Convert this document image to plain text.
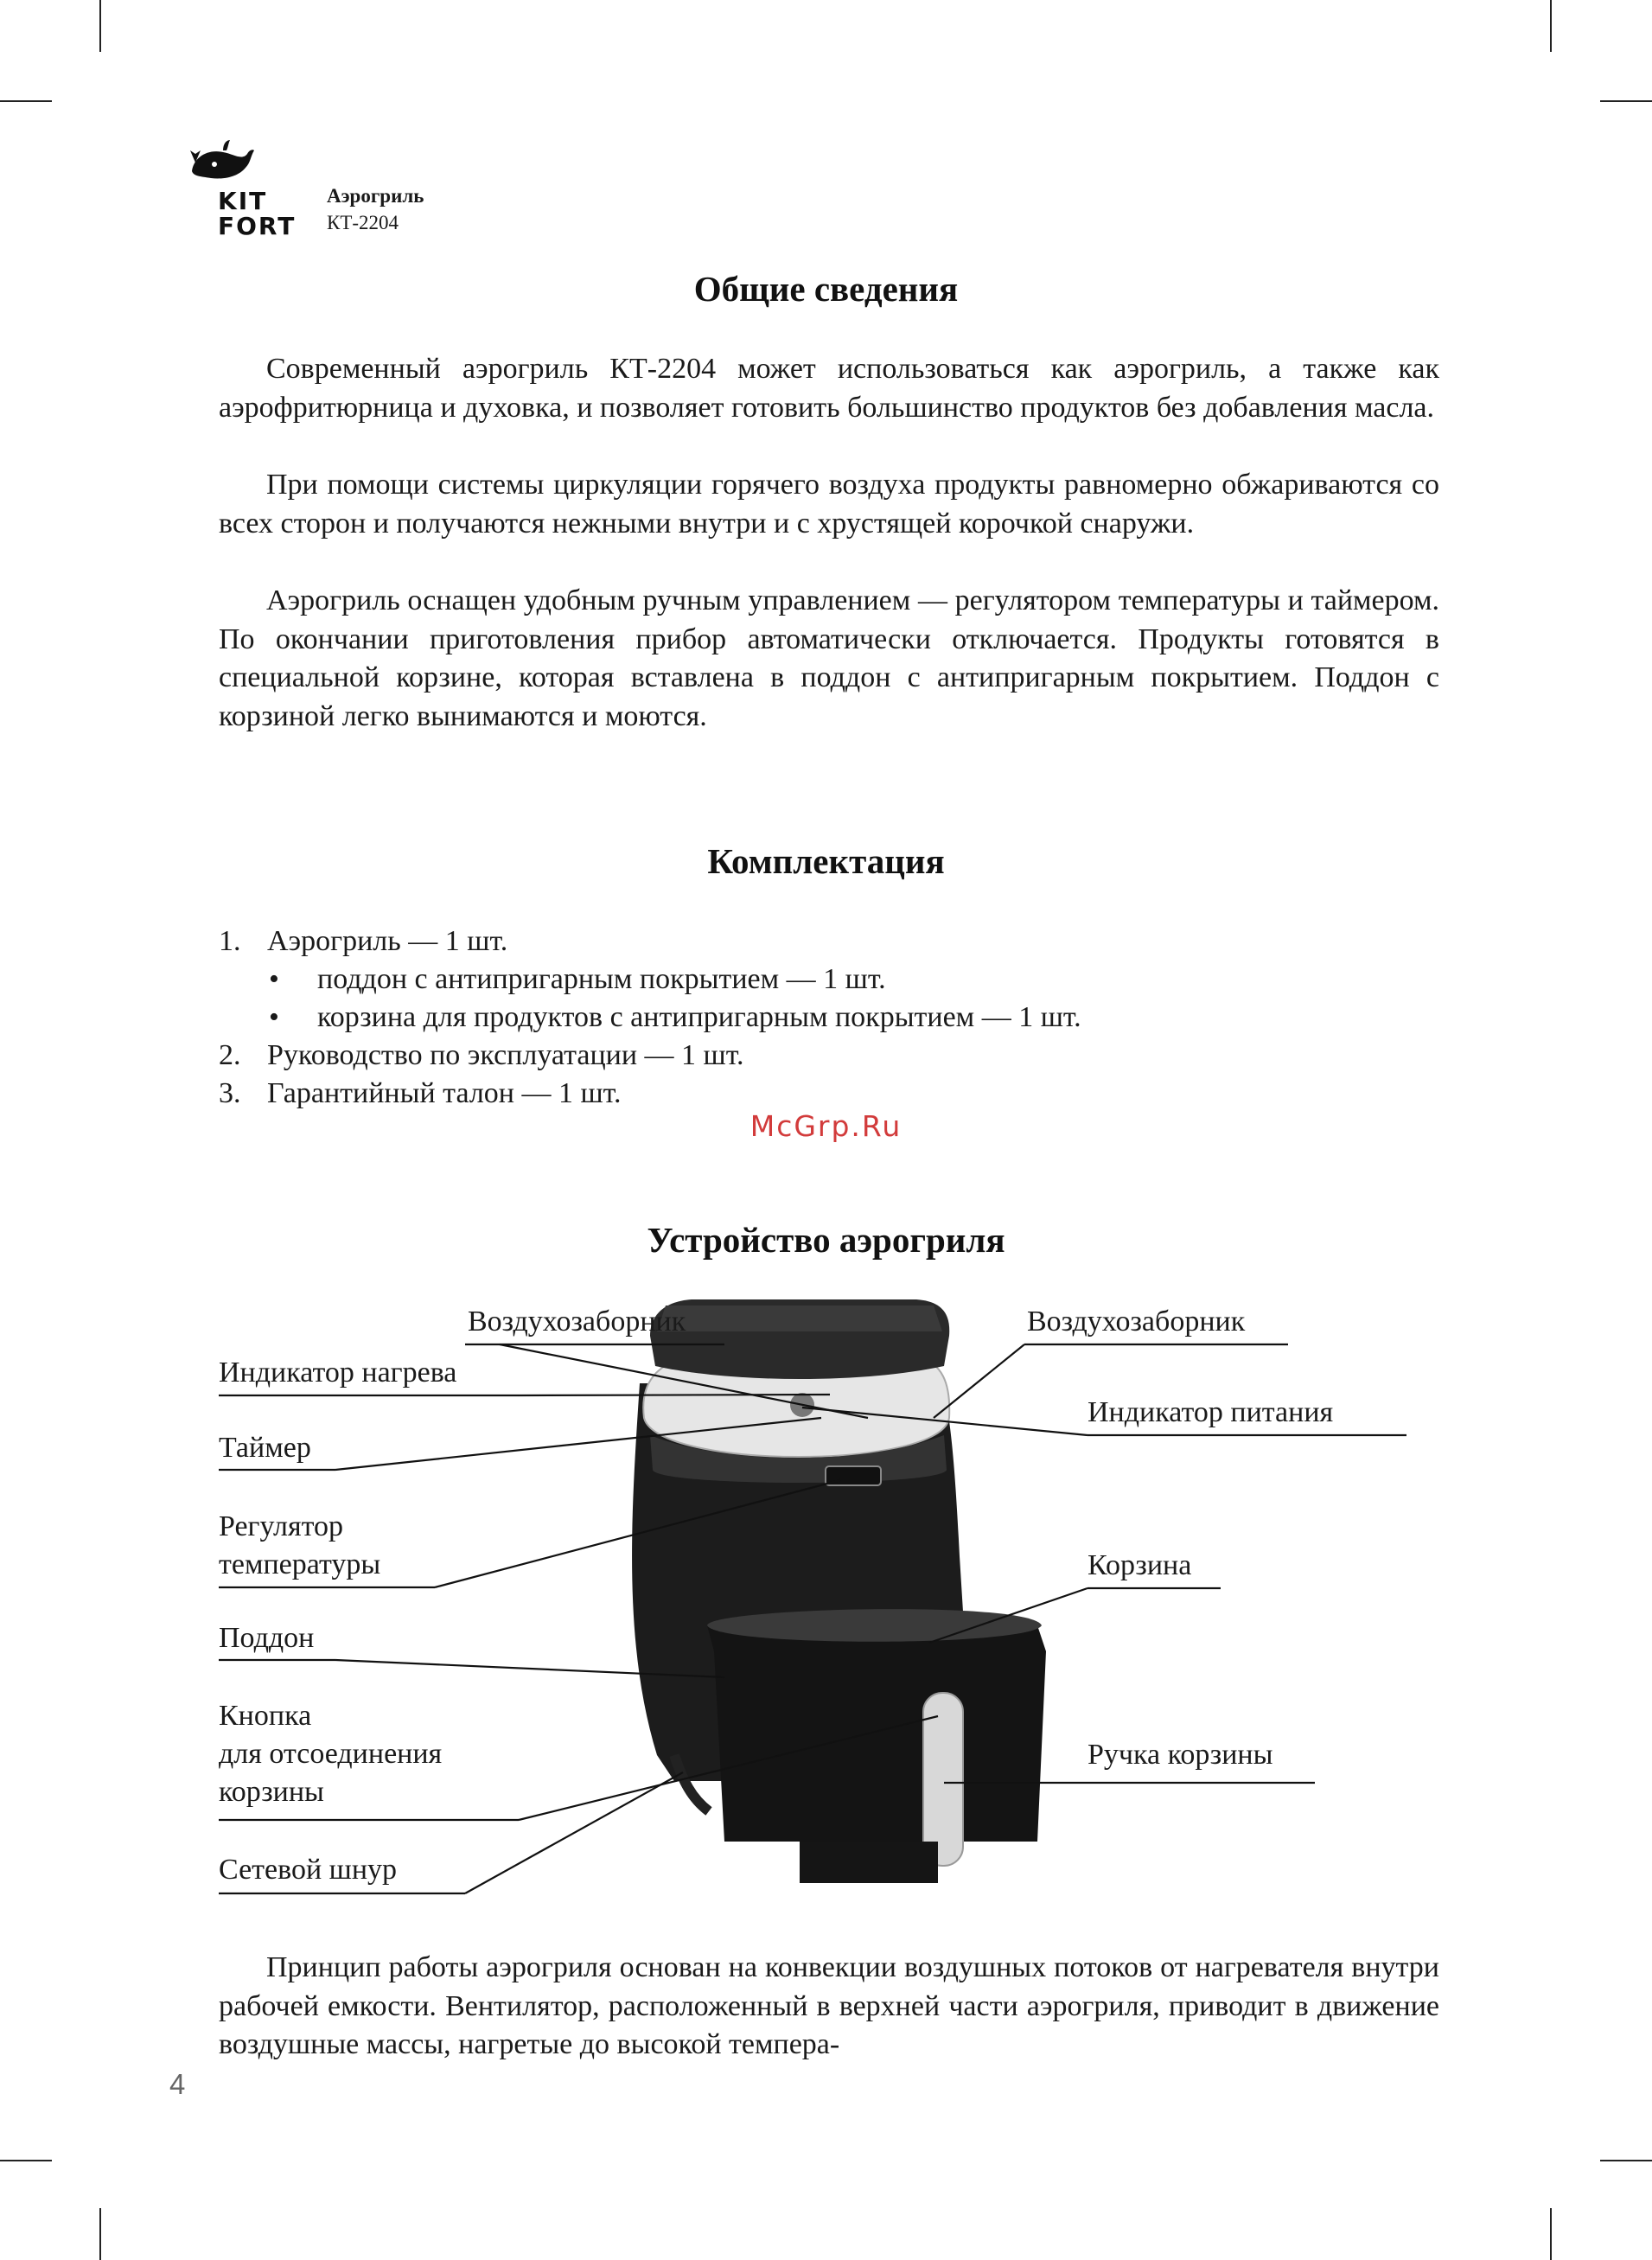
KIT
FORT
Аэрогриль
КТ-2204
Общие сведения

Современный аэрогриль КТ-2204 может использоваться как аэрогриль, а также как аэрофритюрница и духовка, и позволяет готовить большинство продуктов без добавления масла.

При помощи системы циркуляции горячего воздуха продукты равномерно обжариваются со всех сторон и получаются нежными внутри и с хрустящей корочкой снаружи.

Аэрогриль оснащен удобным ручным управлением — регулятором температуры и таймером. По окончании приготовления прибор автоматически отключается. Продукты готовятся в специальной корзине, которая вставлена в поддон с антипригарным покрытием. Поддон с корзиной легко вынимаются и моются.

Комплектация
1. Аэрогриль — 1 шт.
• поддон с антипригарным покрытием — 1 шт.
• корзина для продуктов с антипригарным покрытием — 1 шт.
2. Руководство по эксплуатации — 1 шт.
3. Гарантийный талон — 1 шт.
McGrp.Ru
Устройство аэрогриля
Воздухозаборник	Воздухозаборник
Индикатор нагрева
Индикатор питания
Таймер
Регулятор
температуры	Корзина
Поддон
Кнопка
для отсоединения
корзины
Ручка корзины
Сетевой шнур

Принцип работы аэрогриля основан на конвекции воздушных потоков от нагревателя внутри рабочей емкости. Вентилятор, расположенный в верхней части аэрогриля, приводит в движение воздушные массы, нагретые до высокой темпера-

4
